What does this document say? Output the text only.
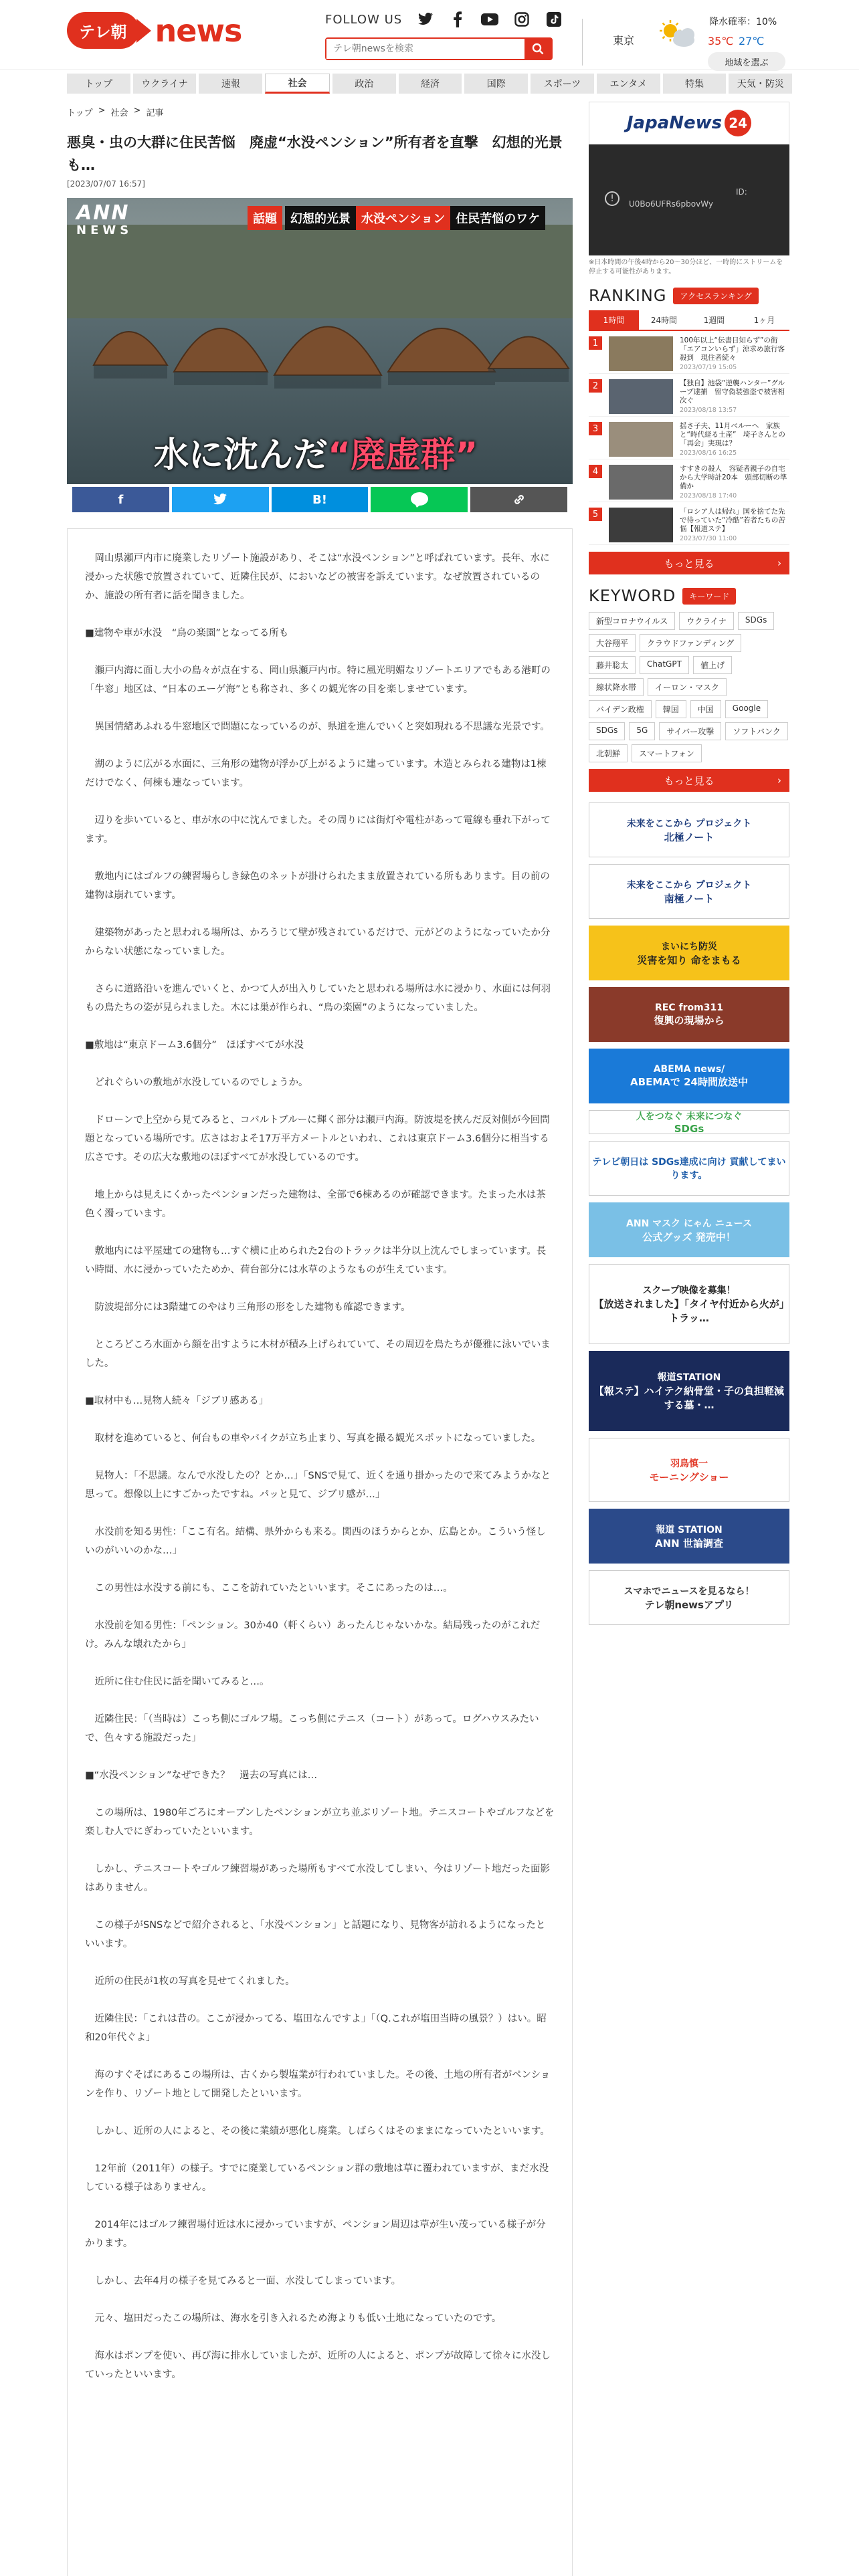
テレ朝 news	FOLLOW US
テレ朝newsを検索
東京
降水確率：10%
35℃ 27℃
地域を選ぶ
トップ	ウクライナ	速報	社会	政治	経済	国際	スポーツ	エンタメ	特集	天気・防災
トップ > 社会 > 記事
悪臭・虫の大群に住民苦悩　廃虚“水没ペンション”所有者を直撃　幻想的光景も…
[2023/07/07 16:57]
ANN
NEWS
話題	幻想的光景 水没ペンション 住民苦悩のワケ
水に沈んだ“廃虚群”
f	B!

岡山県瀬戸内市に廃業したリゾート施設があり、そこは“水没ペンション”と呼ばれています。長年、水に浸かった状態で放置されていて、近隣住民が、においなどの被害を訴えています。なぜ放置されているのか、施設の所有者に話を聞きました。

■建物や車が水没　“鳥の楽園”となってる所も

瀬戸内海に面し大小の島々が点在する、岡山県瀬戸内市。特に風光明媚なリゾートエリアでもある港町の「牛窓」地区は、“日本のエーゲ海”とも称され、多くの観光客の目を楽しませています。

異国情緒あふれる牛窓地区で問題になっているのが、県道を進んでいくと突如現れる不思議な光景です。

湖のように広がる水面に、三角形の建物が浮かび上がるように建っています。木造とみられる建物は1棟だけでなく、何棟も連なっています。

辺りを歩いていると、車が水の中に沈んでました。その周りには街灯や電柱があって電線も垂れ下がってます。

敷地内にはゴルフの練習場らしき緑色のネットが掛けられたまま放置されている所もあります。目の前の建物は崩れています。

建築物があったと思われる場所は、かろうじて壁が残されているだけで、元がどのようになっていたか分からない状態になっていました。

さらに道路沿いを進んでいくと、かつて人が出入りしていたと思われる場所は水に浸かり、水面には何羽もの鳥たちの姿が見られました。木には巣が作られ、“鳥の楽園”のようになっていました。

■敷地は“東京ドーム3.6個分”　ほぼすべてが水没

どれぐらいの敷地が水没しているのでしょうか。

ドローンで上空から見てみると、コバルトブルーに輝く部分は瀬戸内海。防波堤を挟んだ反対側が今回問題となっている場所です。広さはおよそ17万平方メートルといわれ、これは東京ドーム3.6個分に相当する広さです。その広大な敷地のほぼすべてが水没しているのです。

地上からは見えにくかったペンションだった建物は、全部で6棟あるのが確認できます。たまった水は茶色く濁っています。

敷地内には平屋建ての建物も…すぐ横に止められた2台のトラックは半分以上沈んでしまっています。長い時間、水に浸かっていたためか、荷台部分には水草のようなものが生えています。

防波堤部分には3階建てのやはり三角形の形をした建物も確認できます。

ところどころ水面から顔を出すように木材が積み上げられていて、その周辺を鳥たちが優雅に泳いでいました。

■取材中も…見物人続々「ジブリ感ある」

取材を進めていると、何台もの車やバイクが立ち止まり、写真を撮る観光スポットになっていました。

見物人：「不思議。なんで水没したの？とか…」「SNSで見て、近くを通り掛かったので来てみようかなと思って。想像以上にすごかったですね。パッと見て、ジブリ感が…」

水没前を知る男性：「ここ有名。結構、県外からも来る。関西のほうからとか、広島とか。こういう怪しいのがいいのかな…」

この男性は水没する前にも、ここを訪れていたといいます。そこにあったのは…。

水没前を知る男性：「ペンション。30か40（軒くらい）あったんじゃないかな。結局残ったのがこれだけ。みんな壊れたから」

近所に住む住民に話を聞いてみると…。

近隣住民：「（当時は）こっち側にゴルフ場。こっち側にテニス（コート）があって。ログハウスみたいで、色々する施設だった」

■“水没ペンション”なぜできた？　過去の写真には…

この場所は、1980年ごろにオープンしたペンションが立ち並ぶリゾート地。テニスコートやゴルフなどを楽しむ人でにぎわっていたといいます。

しかし、テニスコートやゴルフ練習場があった場所もすべて水没してしまい、今はリゾート地だった面影はありません。

この様子がSNSなどで紹介されると、「水没ペンション」と話題になり、見物客が訪れるようになったといいます。

近所の住民が1枚の写真を見せてくれました。

近隣住民：「これは昔の。ここが浸かってる、塩田なんですよ」「（Q.これが塩田当時の風景？）はい。昭和20年代ぐよ」

海のすぐそばにあるこの場所は、古くから製塩業が行われていました。その後、土地の所有者がペンションを作り、リゾート地として開発したといいます。

しかし、近所の人によると、その後に業績が悪化し廃業。しばらくはそのままになっていたといいます。

12年前（2011年）の様子。すでに廃業しているペンション群の敷地は草に覆われていますが、まだ水没している様子はありません。

2014年にはゴルフ練習場付近は水に浸かっていますが、ペンション周辺は草が生い茂っている様子が分かります。

しかし、去年4月の様子を見てみると一面、水没してしまっています。

元々、塩田だったこの場所は、海水を引き入れるため海よりも低い土地になっていたのです。

海水はポンプを使い、再び海に排水していましたが、近所の人によると、ポンプが故障して徐々に水没していったといいます。

JapaNews 24
!
ID:
U0Bo6UFRs6pbovWy
※日本時間の午後4時から20〜30分ほど、一時的にストリームを停止する可能性があります。
RANKING	アクセスランキング
1時間	24時間	1週間	1ヶ月
1	100年以上“伝書日知らず”の街「エアコンいらず」涼求め旅行客殺到　現住者続々
2023/07/19 15:05
2	【独自】池袋“逆襲ハンター”グループ逮捕　留守偽装強盗で被害相次ぐ
2023/08/18 13:57
3	揺さ子夫、11月ベルーへ　家族と“時代経る土産”　埼子さんとの「再会」実現は？
2023/08/16 16:25
4	すすきの殺人　容疑者親子の自宅から大学時計20本　頭部切断の準備か
2023/08/18 17:40
5	「ロシア人は帰れ」国を捨てた先で待っていた“冷酷”若者たちの苦悩【報道ステ】
2023/07/30 11:00
もっと見る	›
KEYWORD	キーワード
新型コロナウイルス	ウクライナ	SDGs
大谷翔平	クラウドファンディング
藤井聡太	ChatGPT	値上げ
線状降水帯	イーロン・マスク
バイデン政権	韓国	中国	Google
SDGs	5G	サイバー攻撃	ソフトバンク
北朝鮮	スマートフォン
もっと見る	›
未来をここから プロジェクト
北極ノート
未来をここから プロジェクト
南極ノート
まいにち防災
災害を知り 命をまもる
REC from311
復興の現場から
ABEMA news/
ABEMAで 24時間放送中
人をつなぐ 未来につなぐ
SDGs
テレビ朝日は SDGs達成に向け 貢献してまいります。
ANN マスク にゃん ニュース
公式グッズ 発売中！
スクープ映像を募集！
【放送されました】「タイヤ付近から火が」トラッ…
報道STATION
【報ステ】ハイテク納骨堂・子の負担軽減する墓・…
羽鳥慎一
モーニングショー
報道 STATION
ANN 世論調査
スマホでニュースを見るなら！
テレ朝newsアプリ
